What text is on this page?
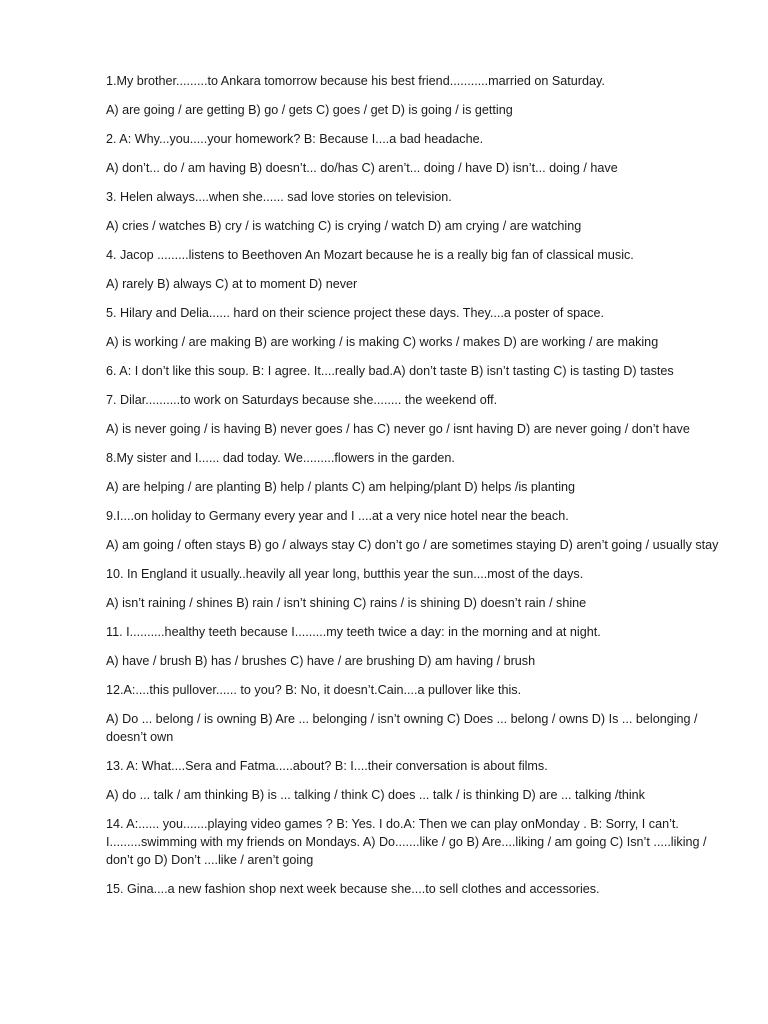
1.My brother.........to Ankara tomorrow because his best friend...........married on Saturday.

A) are going / are getting B) go / gets C) goes / get D) is going / is getting

2. A: Why...you.....your homework? B: Because I....a bad headache.

A) don’t... do / am having B) doesn’t... do/has C) aren’t... doing / have D) isn’t... doing / have

3. Helen always....when she...... sad love stories on television.

A) cries / watches B) cry / is watching C) is crying / watch D) am crying / are watching

4. Jacop .........listens to Beethoven An Mozart because he is a really big fan of classical music.

A) rarely B) always C) at to moment D) never

5. Hilary and Delia...... hard on their science project these days. They....a poster of space.

A) is working / are making B) are working / is making C) works / makes D) are working / are making

6. A: I don’t like this soup. B: I agree. It....really bad.A) don’t taste B) isn’t tasting C) is tasting D) tastes

7. Dilar..........to work on Saturdays because she........ the weekend off.

A) is never going / is having B) never goes / has C) never go / isnt having D) are never going / don’t have

8.My sister and I...... dad today. We.........flowers in the garden.

A) are helping / are planting B) help / plants C) am helping/plant D) helps /is planting

9.I....on holiday to Germany every year and I ....at a very nice hotel near the beach.

A) am going / often stays B) go / always stay C) don’t go / are sometimes staying D) aren’t going / usually stay

10. In England it usually..heavily all year long, butthis year the sun....most of the days.

A) isn’t raining / shines B) rain / isn’t shining C) rains / is shining D) doesn’t rain / shine

11. I..........healthy teeth because I.........my teeth twice a day: in the morning and at night.

A) have / brush B) has / brushes C) have / are brushing D) am having / brush

12.A:....this pullover...... to you? B: No, it doesn’t.Cain....a pullover like this.

A) Do ... belong / is owning B) Are ... belonging / isn’t owning C) Does ... belong / owns D) Is ... belonging / doesn’t own

13. A: What....Sera and Fatma.....about? B: I....their conversation is about films.

A) do ... talk / am thinking B) is ... talking / think C) does ... talk / is thinking D) are ... talking /think

14. A:...... you.......playing video games ? B: Yes. I do.A: Then we can play onMonday . B: Sorry, I can’t. I.........swimming with my friends on Mondays. A) Do.......like / go B) Are....liking / am going C) Isn’t .....liking / don’t go D) Don’t ....like / aren’t going

15. Gina....a new fashion shop next week because she....to sell clothes and accessories.
